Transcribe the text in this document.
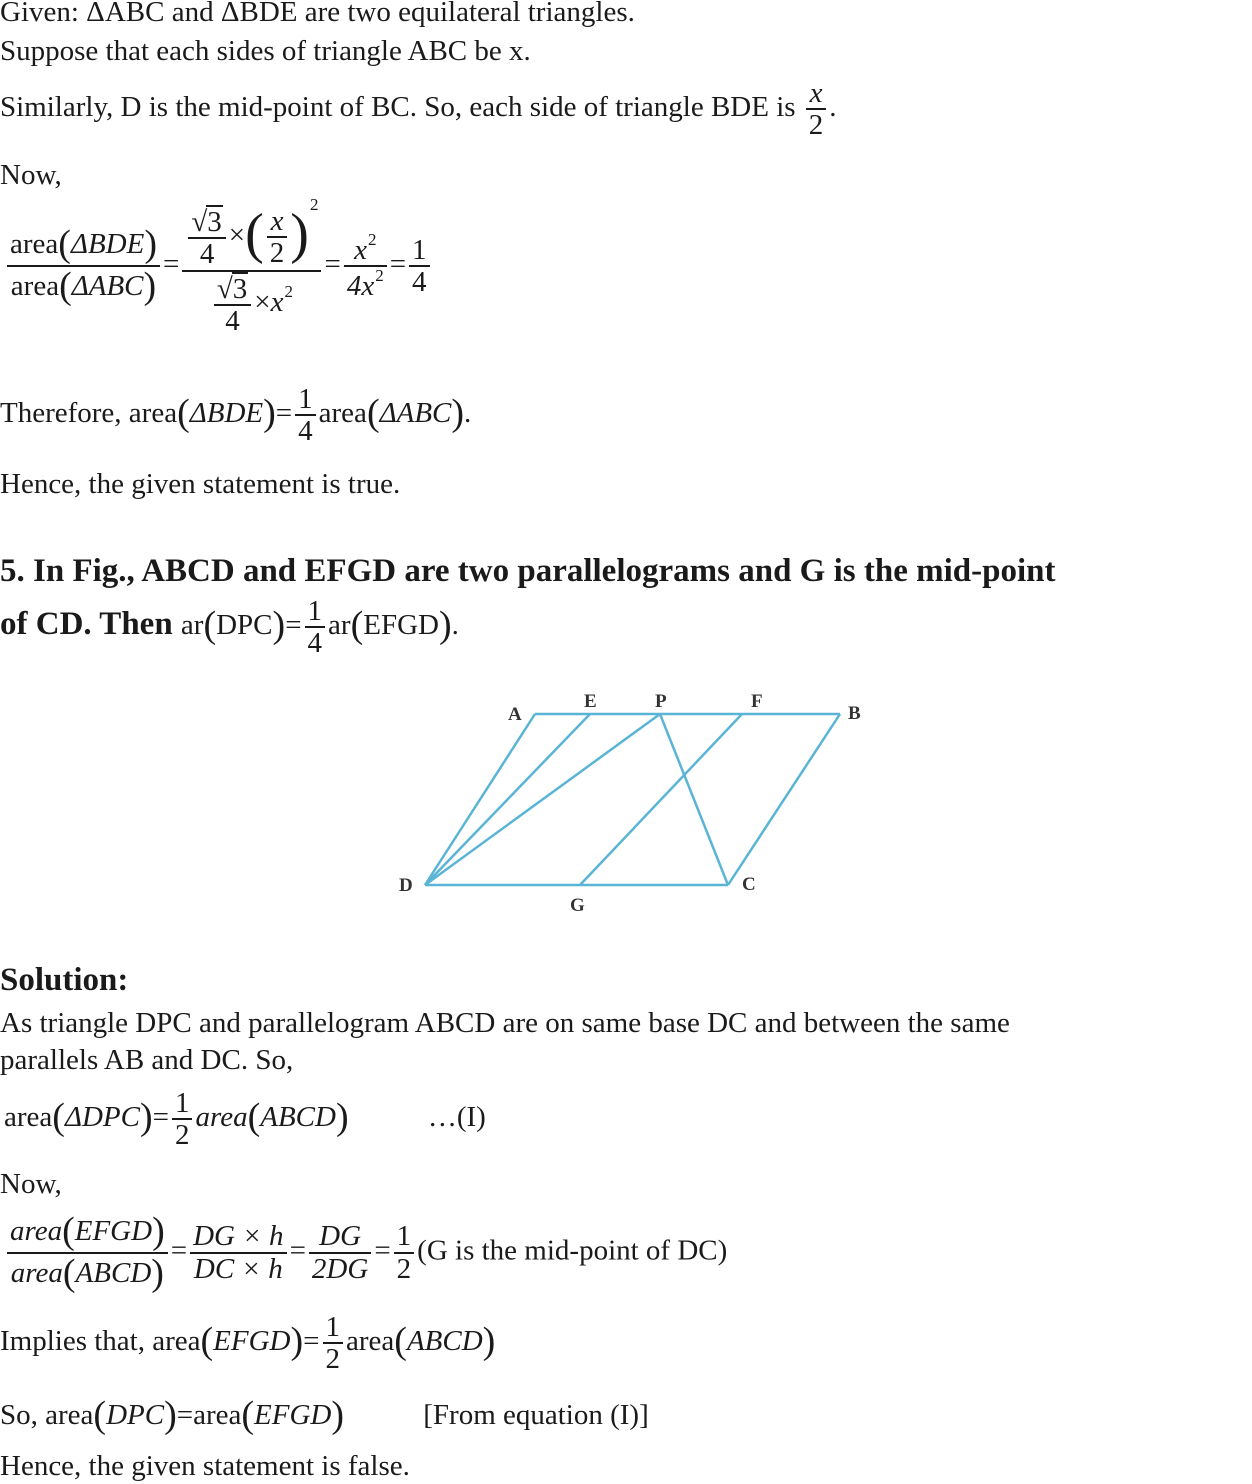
Given: ΔABC and ΔBDE are two equilateral triangles.
Suppose that each sides of triangle ABC be x.
Similarly, D is the mid-point of BC. So, each side of triangle BDE is $\frac{x}{2}$ .
Now,
$\frac{\text{area(ΔBDE)}}{\text{area(ΔABC)}} = \frac{\frac{√3}{4} \times( \frac{x}{2} )^2}{\frac{√3}{4} \times x^2} = \frac{x^2}{4x^2} = \frac{1}{4}$
Therefore, area(ΔBDE)= $\frac{1}{4}$ area(ΔABC).
Hence, the given statement is true.
5. In Fig., ABCD and EFGD are two parallelograms and G is the mid-point
of CD. Then $ar(DPC)= \frac{1}{4}$ ar(EFGD).
A
E	P	F
B
D	C
G
Solution:
As triangle DPC and parallelogram ABCD are on same base DC and between the same
parallels AB and DC. So,
area(ΔDPC)= $\frac{1}{2}$ area(ABCD)	…(I)
Now,
$\frac{\text{area(EFGD)}}{\text{area(ABCD)}} = \frac{DG \times h}{DC \times h} = \frac{DG}{2DG} = \frac{1}{2} (G$ is the mid-point of DC)
Implies that, area(EFGD)= $\frac{1}{2}$ area(ABCD)
So, area(DPC)=area(EFGD)	[From equation (I)]
Hence, the given statement is false.
